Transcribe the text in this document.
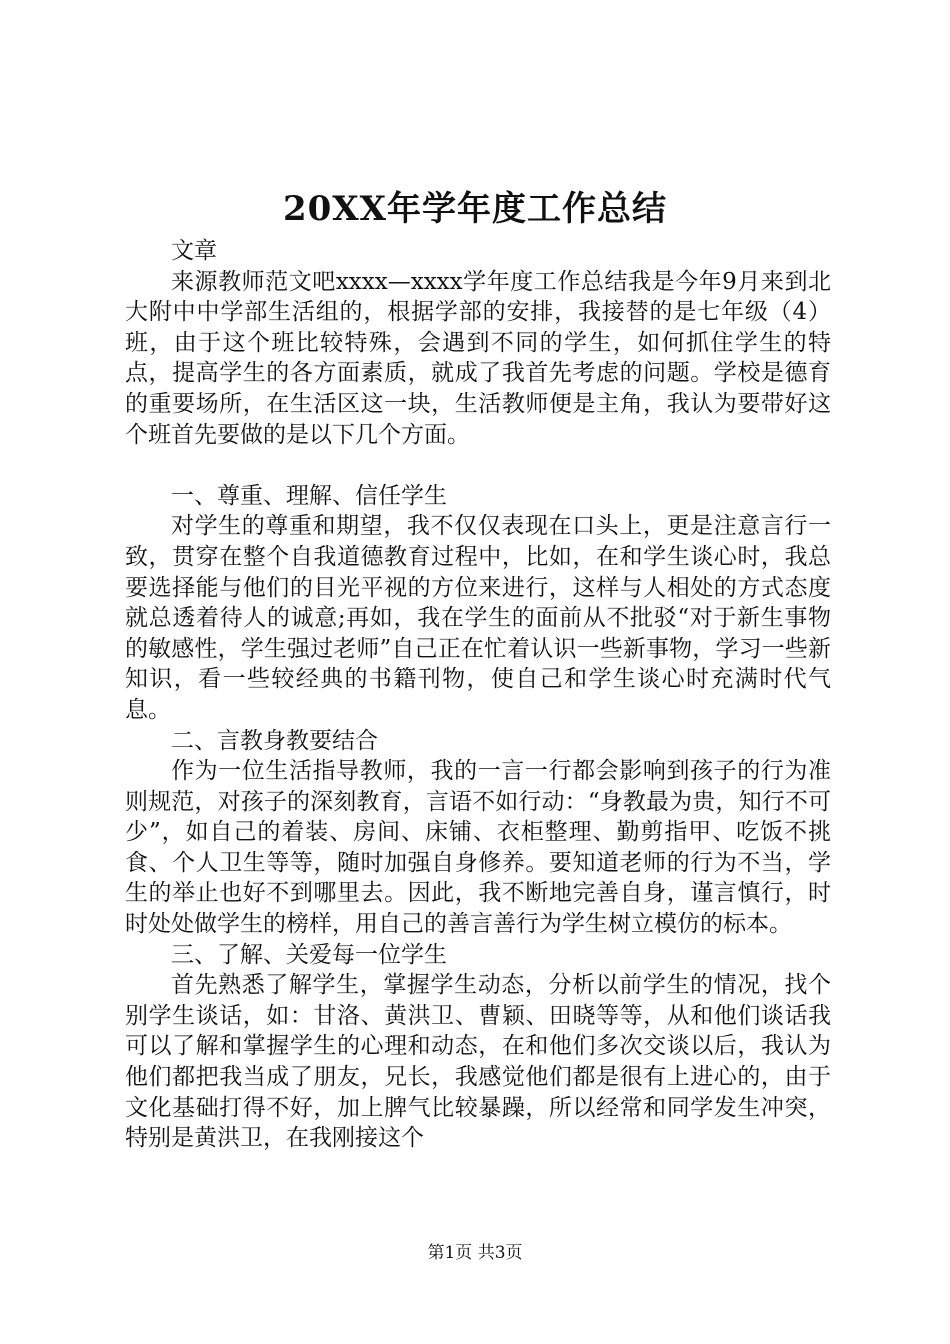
20XX年学年度工作总结

文章

来源教师范文吧xxxx—xxxx学年度工作总结我是今年9月来到北大附中中学部生活组的，根据学部的安排，我接替的是七年级（4）班，由于这个班比较特殊，会遇到不同的学生，如何抓住学生的特点，提高学生的各方面素质，就成了我首先考虑的问题。学校是德育的重要场所，在生活区这一块，生活教师便是主角，我认为要带好这个班首先要做的是以下几个方面。

一、尊重、理解、信任学生

对学生的尊重和期望，我不仅仅表现在口头上，更是注意言行一致，贯穿在整个自我道德教育过程中，比如，在和学生谈心时，我总要选择能与他们的目光平视的方位来进行，这样与人相处的方式态度就总透着待人的诚意;再如，我在学生的面前从不批驳“对于新生事物的敏感性，学生强过老师”自己正在忙着认识一些新事物，学习一些新知识，看一些较经典的书籍刊物，使自己和学生谈心时充满时代气息。

二、言教身教要结合

作为一位生活指导教师，我的一言一行都会影响到孩子的行为准则规范，对孩子的深刻教育，言语不如行动：“身教最为贵，知行不可少”，如自己的着装、房间、床铺、衣柜整理、勤剪指甲、吃饭不挑食、个人卫生等等，随时加强自身修养。要知道老师的行为不当，学生的举止也好不到哪里去。因此，我不断地完善自身，谨言慎行，时时处处做学生的榜样，用自己的善言善行为学生树立模仿的标本。

三、了解、关爱每一位学生

首先熟悉了解学生，掌握学生动态，分析以前学生的情况，找个别学生谈话，如：甘洛、黄洪卫、曹颖、田晓等等，从和他们谈话我可以了解和掌握学生的心理和动态，在和他们多次交谈以后，我认为他们都把我当成了朋友，兄长，我感觉他们都是很有上进心的，由于文化基础打得不好，加上脾气比较暴躁，所以经常和同学发生冲突，特别是黄洪卫，在我刚接这个

第1页 共3页
